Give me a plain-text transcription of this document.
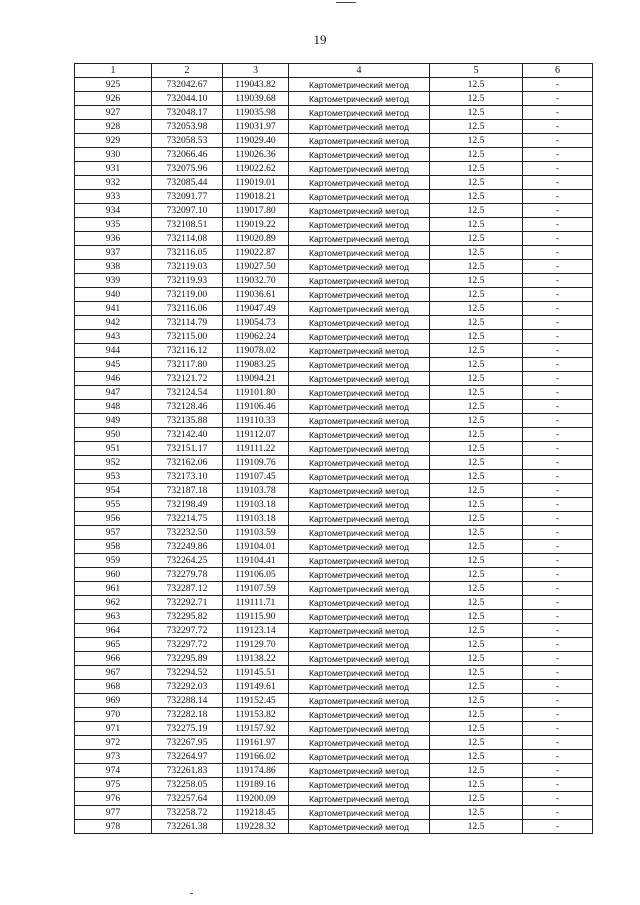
19
1	2	3	4	5	6
925	732042.67	119043.82	Картометрический метод	12.5	-
926	732044.10	119039.68	Картометрический метод	12.5	-
927	732048.17	119035.98	Картометрический метод	12.5	-
928	732053.98	119031.97	Картометрический метод	12.5	-
929	732058.53	119029.40	Картометрический метод	12.5	-
930	732066.46	119026.36	Картометрический метод	12.5	-
931	732075.96	119022.62	Картометрический метод	12.5	-
932	732085.44	119019.01	Картометрический метод	12.5	-
933	732091.77	119018.21	Картометрический метод	12.5	-
934	732097.10	119017.80	Картометрический метод	12.5	-
935	732108.51	119019.22	Картометрический метод	12.5	-
936	732114.08	119020.89	Картометрический метод	12.5	-
937	732116.05	119022.87	Картометрический метод	12.5	-
938	732119.03	119027.50	Картометрический метод	12.5	-
939	732119.93	119032.70	Картометрический метод	12.5	-
940	732119.00	119036.61	Картометрический метод	12.5	-
941	732116.06	119047.49	Картометрический метод	12.5	-
942	732114.79	119054.73	Картометрический метод	12.5	-
943	732115.00	119062.24	Картометрический метод	12.5	-
944	732116.12	119078.02	Картометрический метод	12.5	-
945	732117.80	119083.25	Картометрический метод	12.5	-
946	732121.72	119094.21	Картометрический метод	12.5	-
947	732124.54	119101.80	Картометрический метод	12.5	-
948	732128.46	119106.46	Картометрический метод	12.5	-
949	732135.88	119110.33	Картометрический метод	12.5	-
950	732142.40	119112.07	Картометрический метод	12.5	-
951	732151.17	119111.22	Картометрический метод	12.5	-
952	732162.06	119109.76	Картометрический метод	12.5	-
953	732173.10	119107.45	Картометрический метод	12.5	-
954	732187.18	119103.78	Картометрический метод	12.5	-
955	732198.49	119103.18	Картометрический метод	12.5	-
956	732214.75	119103.18	Картометрический метод	12.5	-
957	732232.50	119103.59	Картометрический метод	12.5	-
958	732249.86	119104.01	Картометрический метод	12.5	-
959	732264.25	119104.41	Картометрический метод	12.5	-
960	732279.78	119106.05	Картометрический метод	12.5	-
961	732287.12	119107.59	Картометрический метод	12.5	-
962	732292.71	119111.71	Картометрический метод	12.5	-
963	732295.82	119115.90	Картометрический метод	12.5	-
964	732297.72	119123.14	Картометрический метод	12.5	-
965	732297.72	119129.70	Картометрический метод	12.5	-
966	732295.89	119138.22	Картометрический метод	12.5	-
967	732294.52	119145.51	Картометрический метод	12.5	-
968	732292.03	119149.61	Картометрический метод	12.5	-
969	732288.14	119152.45	Картометрический метод	12.5	-
970	732282.18	119153.82	Картометрический метод	12.5	-
971	732275.19	119157.92	Картометрический метод	12.5	-
972	732267.95	119161.97	Картометрический метод	12.5	-
973	732264.97	119166.02	Картометрический метод	12.5	-
974	732261.83	119174.86	Картометрический метод	12.5	-
975	732258.05	119189.16	Картометрический метод	12.5	-
976	732257.64	119200.09	Картометрический метод	12.5	-
977	732258.72	119218.45	Картометрический метод	12.5	-
978	732261.38	119228.32	Картометрический метод	12.5	-
